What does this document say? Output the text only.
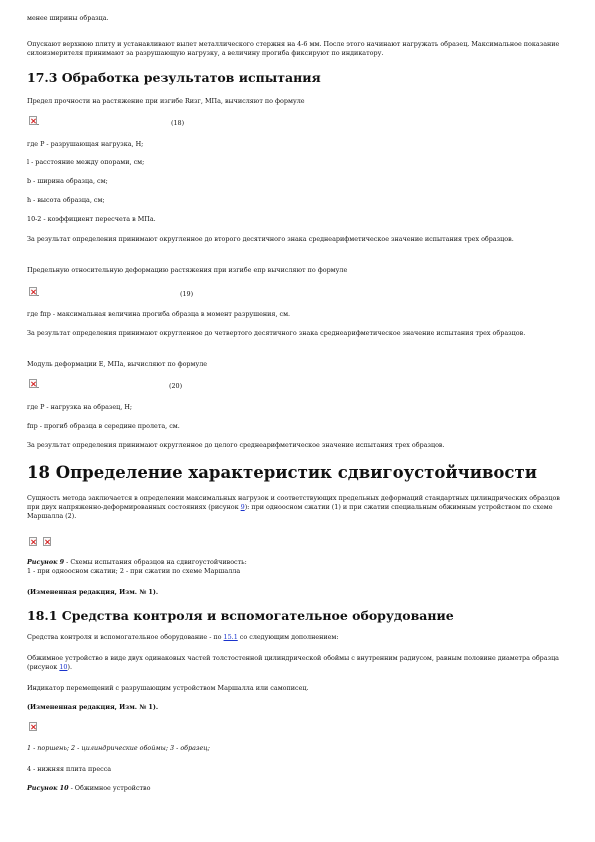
менее ширины образца.

Опускают верхнюю плиту и устанавливают вылет металлического стержня на 4-6 мм. После этого начинают нагружать образец. Максимальное показание силоизмерителя принимают за разрушающую нагрузку, а величину прогиба фиксируют по индикатору.

17.3 Обработка результатов испытания

Предел прочности на растяжение при изгибе Rизг, МПа, вычисляют по формуле

(18)

где P - разрушающая нагрузка, Н;

l - расстояние между опорами, см;

b - ширина образца, см;

h - высота образца, см;

10-2 - коэффициент пересчета в МПа.

За результат определения принимают округленное до второго десятичного знака среднеарифметическое значение испытания трех образцов.

Предельную относительную деформацию растяжения при изгибе eпр вычисляют по формуле

(19)

где fпр - максимальная величина прогиба образца в момент разрушения, см.

За результат определения принимают округленное до четвертого десятичного знака среднеарифметическое значение испытания трех образцов.

Модуль деформации E, МПа, вычисляют по формуле

(20)

где P - нагрузка на образец, Н;

fпр - прогиб образца в середине пролета, см.

За результат определения принимают округленное до целого среднеарифметическое значение испытания трех образцов.

18 Определение характеристик сдвигоустойчивости

Сущность метода заключается в определении максимальных нагрузок и соответствующих предельных деформаций стандартных цилиндрических образцов при двух напряженно-деформированных состояниях (рисунок 9): при одноосном сжатии (1) и при сжатии специальным обжимным устройством по схеме Маршалла (2).

Рисунок 9 - Схемы испытания образцов на сдвигоустойчивость:

1 - при одноосном сжатии; 2 - при сжатии по схеме Маршалла

(Измененная редакция, Изм. № 1).

18.1 Средства контроля и вспомогательное оборудование

Средства контроля и вспомогательное оборудование - по 15.1 со следующим дополнением:

Обжимное устройство в виде двух одинаковых частей толстостенной цилиндрической обоймы с внутренним радиусом, равным половине диаметра образца (рисунок 10).

Индикатор перемещений с разрушающим устройством Маршалла или самописец.

(Измененная редакция, Изм. № 1).

1 - поршень; 2 - цилиндрические обоймы; 3 - образец;

4 - нижняя плита пресса

Рисунок 10 - Обжимное устройство
